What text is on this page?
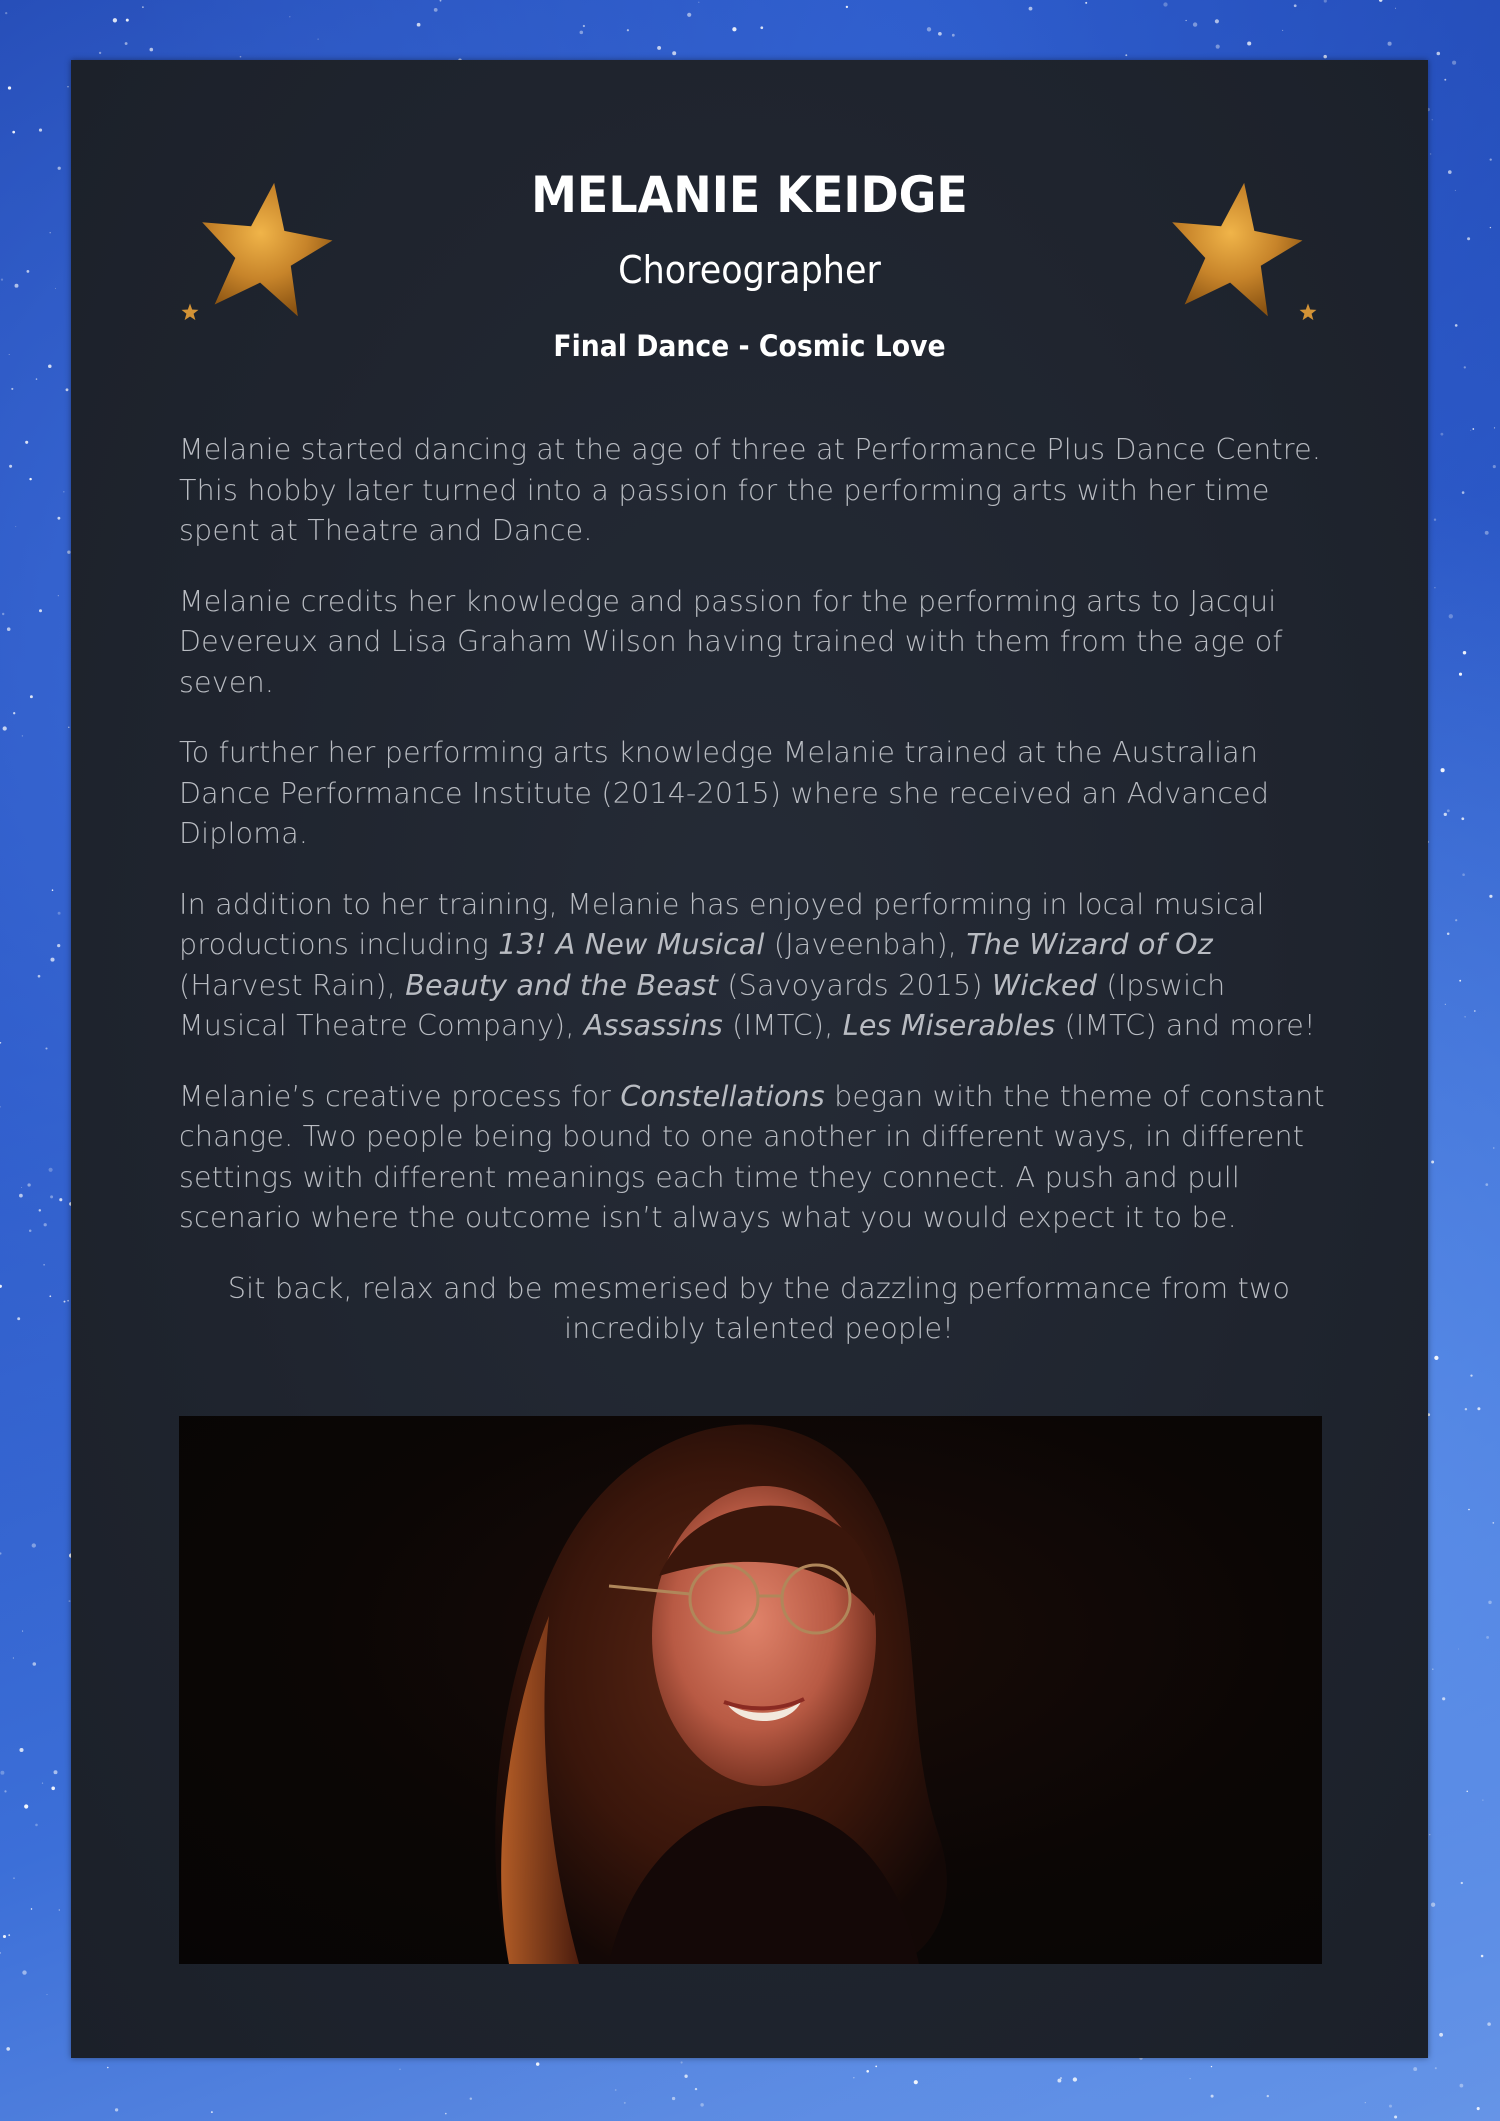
MELANIE KEIDGE
Choreographer
Final Dance - Cosmic Love

Melanie started dancing at the age of three at Performance Plus Dance Centre. This hobby later turned into a passion for the performing arts with her time spent at Theatre and Dance.

Melanie credits her knowledge and passion for the performing arts to Jacqui Devereux and Lisa Graham Wilson having trained with them from the age of seven.

To further her performing arts knowledge Melanie trained at the Australian Dance Performance Institute (2014-2015) where she received an Advanced Diploma.

In addition to her training, Melanie has enjoyed performing in local musical productions including 13! A New Musical (Javeenbah), The Wizard of Oz (Harvest Rain), Beauty and the Beast (Savoyards 2015) Wicked (Ipswich Musical Theatre Company), Assassins (IMTC), Les Miserables (IMTC) and more!

Melanie’s creative process for Constellations began with the theme of constant change. Two people being bound to one another in different ways, in different settings with different meanings each time they connect. A push and pull scenario where the outcome isn’t always what you would expect it to be.

Sit back, relax and be mesmerised by the dazzling performance from two incredibly talented people!
